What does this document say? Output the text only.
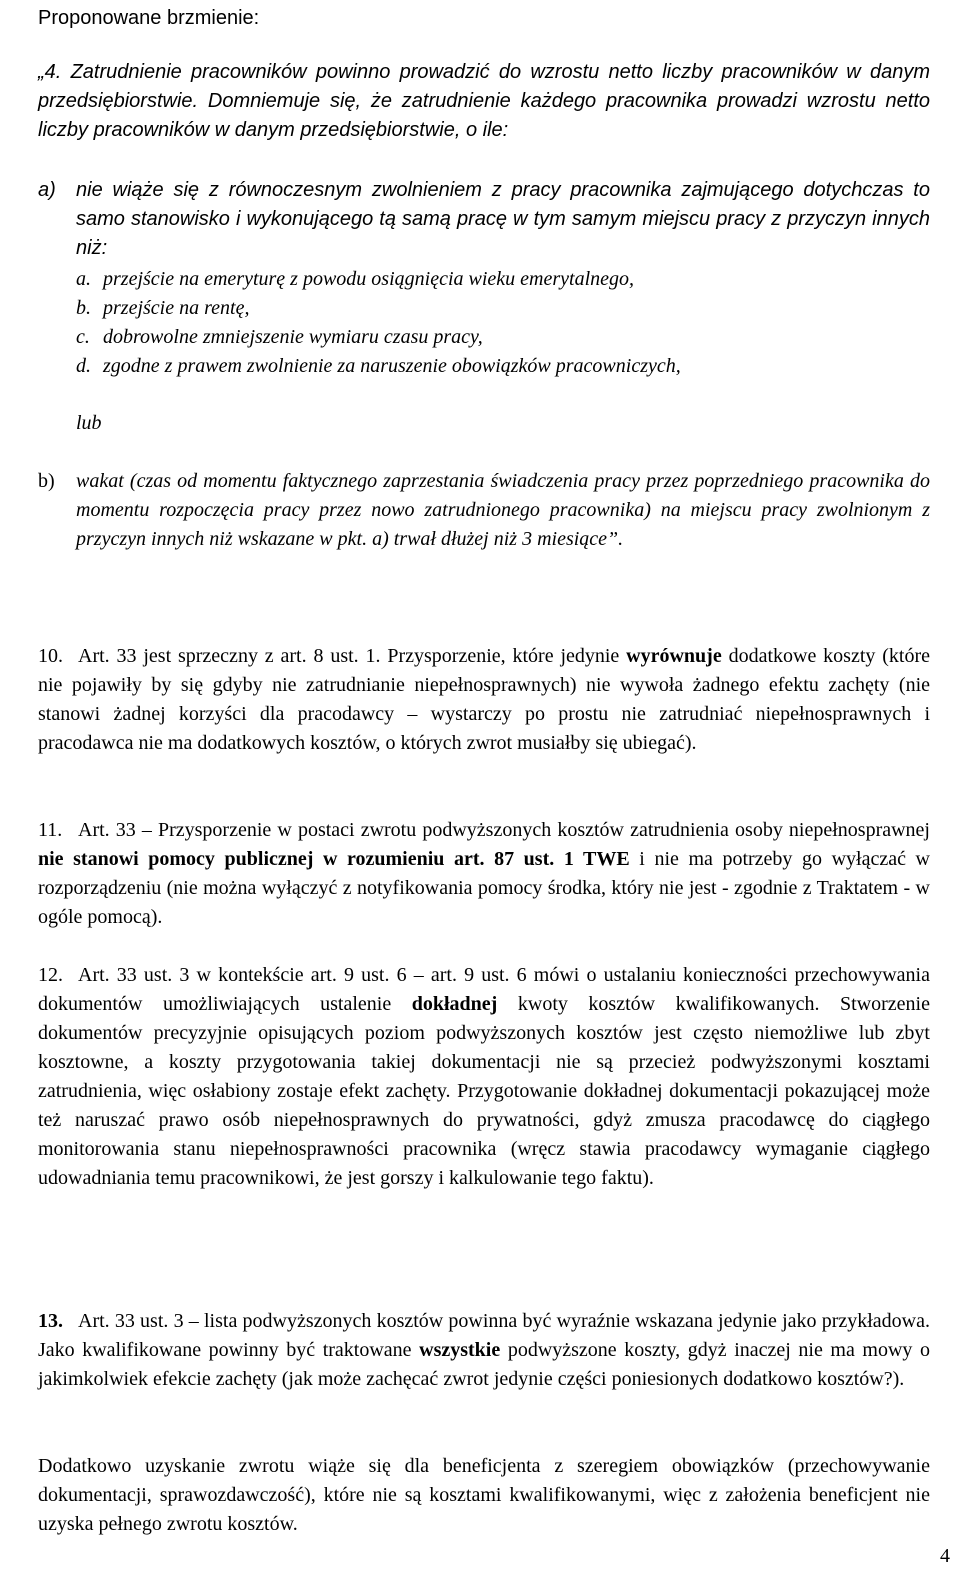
Proponowane brzmienie:
„4. Zatrudnienie pracowników powinno prowadzić do wzrostu netto liczby pracowników w danym przedsiębiorstwie. Domniemuje się, że zatrudnienie każdego pracownika prowadzi wzrostu netto liczby pracowników w danym przedsiębiorstwie, o ile:
a) nie wiąże się z równoczesnym zwolnieniem z pracy pracownika zajmującego dotychczas to samo stanowisko i wykonującego tą samą pracę w tym samym miejscu pracy z przyczyn innych niż:
a. przejście na emeryturę z powodu osiągnięcia wieku emerytalnego,
b. przejście na rentę,
c. dobrowolne zmniejszenie wymiaru czasu pracy,
d. zgodne z prawem zwolnienie za naruszenie obowiązków pracowniczych,
lub
b) wakat (czas od momentu faktycznego zaprzestania świadczenia pracy przez poprzedniego pracownika do momentu rozpoczęcia pracy przez nowo zatrudnionego pracownika) na miejscu pracy zwolnionym z przyczyn innych niż wskazane w pkt. a) trwał dłużej niż 3 miesiące”.
10. Art. 33 jest sprzeczny z art. 8 ust. 1. Przysporzenie, które jedynie wyrównuje dodatkowe koszty (które nie pojawiły by się gdyby nie zatrudnianie niepełnosprawnych) nie wywoła żadnego efektu zachęty (nie stanowi żadnej korzyści dla pracodawcy – wystarczy po prostu nie zatrudniać niepełnosprawnych i pracodawca nie ma dodatkowych kosztów, o których zwrot musiałby się ubiegać).
11. Art. 33 – Przysporzenie w postaci zwrotu podwyższonych kosztów zatrudnienia osoby niepełnosprawnej nie stanowi pomocy publicznej w rozumieniu art. 87 ust. 1 TWE i nie ma potrzeby go wyłączać w rozporządzeniu (nie można wyłączyć z notyfikowania pomocy środka, który nie jest - zgodnie z Traktatem - w ogóle pomocą).
12. Art. 33 ust. 3 w kontekście art. 9 ust. 6 – art. 9 ust. 6 mówi o ustalaniu konieczności przechowywania dokumentów umożliwiających ustalenie dokładnej kwoty kosztów kwalifikowanych. Stworzenie dokumentów precyzyjnie opisujących poziom podwyższonych kosztów jest często niemożliwe lub zbyt kosztowne, a koszty przygotowania takiej dokumentacji nie są przecież podwyższonymi kosztami zatrudnienia, więc osłabiony zostaje efekt zachęty. Przygotowanie dokładnej dokumentacji pokazującej może też naruszać prawo osób niepełnosprawnych do prywatności, gdyż zmusza pracodawcę do ciągłego monitorowania stanu niepełnosprawności pracownika (wręcz stawia pracodawcy wymaganie ciągłego udowadniania temu pracownikowi, że jest gorszy i kalkulowanie tego faktu).
13. Art. 33 ust. 3 – lista podwyższonych kosztów powinna być wyraźnie wskazana jedynie jako przykładowa. Jako kwalifikowane powinny być traktowane wszystkie podwyższone koszty, gdyż inaczej nie ma mowy o jakimkolwiek efekcie zachęty (jak może zachęcać zwrot jedynie części poniesionych dodatkowo kosztów?).
Dodatkowo uzyskanie zwrotu wiąże się dla beneficjenta z szeregiem obowiązków (przechowywanie dokumentacji, sprawozdawczość), które nie są kosztami kwalifikowanymi, więc z założenia beneficjent nie uzyska pełnego zwrotu kosztów.
4
